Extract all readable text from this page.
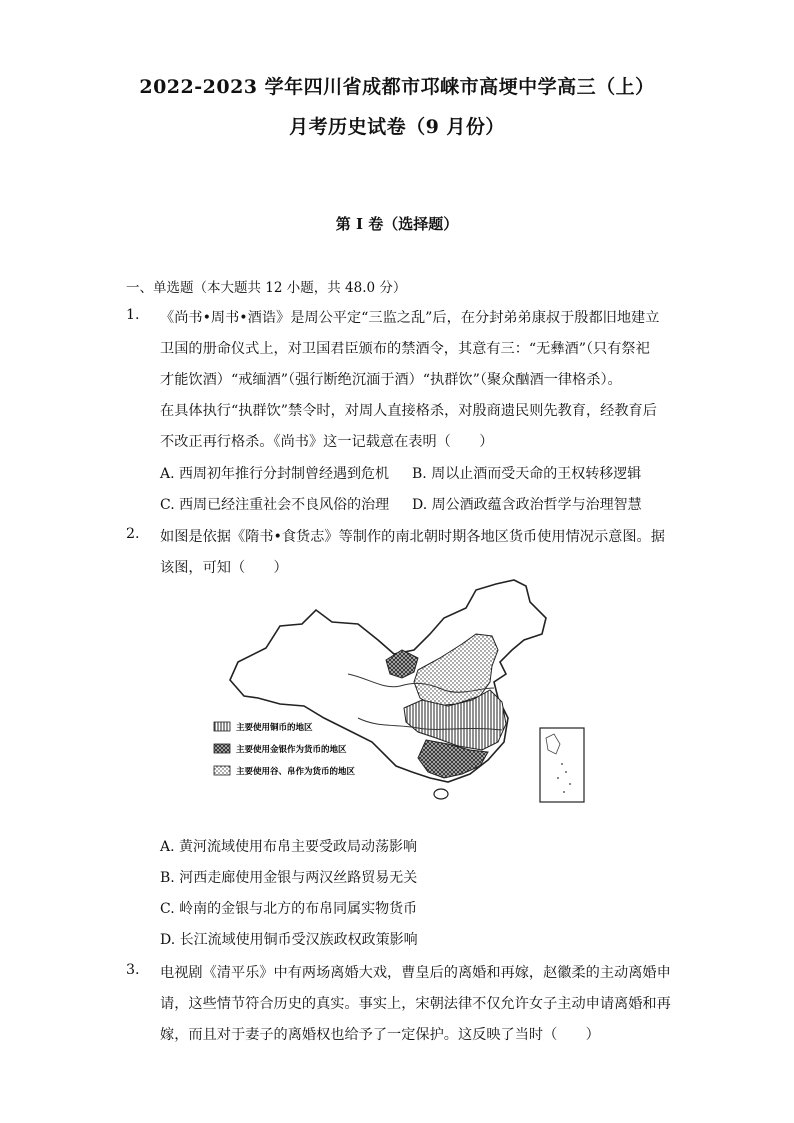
2022-2023 学年四川省成都市邛崃市高埂中学高三（上）
月考历史试卷（9 月份）
第 I 卷（选择题）
一、单选题（本大题共 12 小题，共 48.0 分）
1. 《尚书•周书•酒诰》是周公平定“三监之乱”后，在分封弟弟康叔于殷都旧地建立
卫国的册命仪式上，对卫国君臣颁布的禁酒令，其意有三：“无彝酒”（只有祭祀
才能饮酒）“戒缅酒”（强行断绝沉湎于酒）“执群饮”（聚众酗酒一律格杀）。
在具体执行“执群饮”禁令时，对周人直接格杀，对殷商遗民则先教育，经教育后
不改正再行格杀。《尚书》这一记载意在表明（　　）
A. 西周初年推行分封制曾经遇到危机 B. 周以止酒而受天命的王权转移逻辑
C. 西周已经注重社会不良风俗的治理 D. 周公酒政蕴含政治哲学与治理智慧
2. 如图是依据《隋书•食货志》等制作的南北朝时期各地区货币使用情况示意图。据
该图，可知（　　）
主要使用铜币的地区
主要使用金银作为货币的地区
主要使用谷、帛作为货币的地区
A. 黄河流域使用布帛主要受政局动荡影响
B. 河西走廊使用金银与两汉丝路贸易无关
C. 岭南的金银与北方的布帛同属实物货币
D. 长江流域使用铜币受汉族政权政策影响
3. 电视剧《清平乐》中有两场离婚大戏，曹皇后的离婚和再嫁，赵徽柔的主动离婚申
请，这些情节符合历史的真实。事实上，宋朝法律不仅允许女子主动申请离婚和再
嫁，而且对于妻子的离婚权也给予了一定保护。这反映了当时（　　）
